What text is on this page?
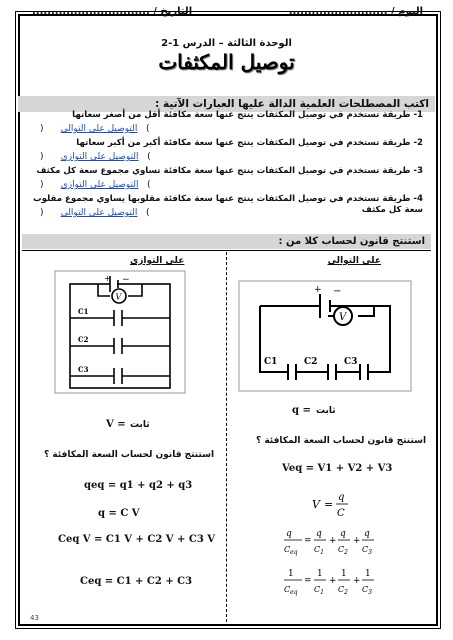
اليوم / ..........................
التاريخ / ...............................
الوحدة الثالثة – الدرس 1-2
توصيل المكثفات
اكتب المصطلحات العلمية الدالة عليها العبارات الآتية :
1- طريقة تستخدم في توصيل المكثفات ينتج عنها سعة مكافئة أقل من أصغر سعاتها
) التوصيل على التوالي (
2- طريقة تستخدم في توصيل المكثفات ينتج عنها سعة مكافئة أكبر من أكبر سعاتها
) التوصيل على التوازي (
3- طريقة تستخدم في توصيل المكثفات ينتج عنها سعة مكافئة تساوي مجموع سعة كل مكثف
) التوصيل على التوازي (
4- طريقة تستخدم في توصيل المكثفات ينتج عنها سعة مكافئة مقلوبها يساوي مجموع مقلوب سعة كل مكثف
) التوصيل على التوالي (
استنتج قانون لحساب كلا من :
علي التوالي
علي التوازي
V
+ −
C1	C2	C3
V
+ −
C1
C2
C3
ثابت
q =
استنتج قانون لحساب السعة المكافئة ؟
Veq = V1 + V2 + V3
V =
q
C
q
$C_{eq}$
=
q
$C_1$
+
q
$C_2$
+
q
$C_3$
1
$C_{eq}$
=
1
$C_1$
+
1
$C_2$
+
1
$C_3$
ثابت
V =
استنتج قانون لحساب السعة المكافئة ؟
qeq = q1 + q2 + q3
q = C V
Ceq V = C1 V + C2 V + C3 V
Ceq = C1 + C2 + C3
43
